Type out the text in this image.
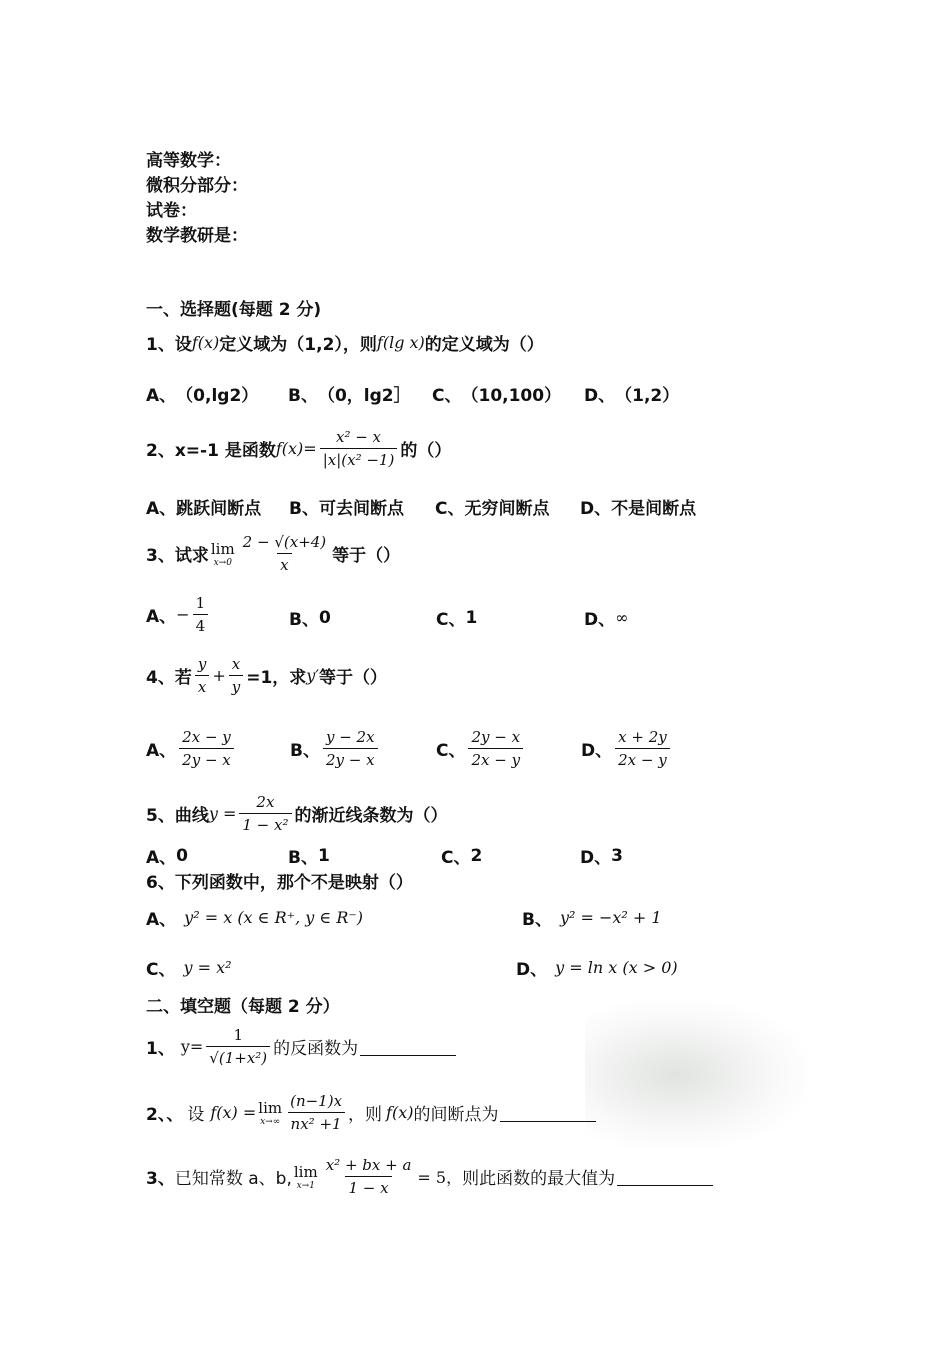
高等数学：
微积分部分：
试卷：
数学教研是：
一、选择题(每题 2 分)
1、 设 f(x) 定义域为（1,2），则 f(lg x) 的定义域为（）
A、 （0,lg2） B、 （0，lg2］ C、 （10,100） D、 （1,2）
2、 x=-1 是函数 $f(x)= \frac{\text{x² − x}}{\text{|x|(x² −1)}}$ 的（）
A、 跳跃间断点 B、 可去间断点 C、 无穷间断点 D、 不是间断点
3、 试求 lim
$x\to 0 \frac{2 - √(x+4)}{x}$ 等于（）
A、 − $\frac{1}{4}$	B、 0	C、 1	D、 ∞
4、 若 $\frac{y}{x} + \frac{x}{y} =1$，求 y′ 等于（）
A、 $\frac{2x - y}{2y - x}$	B、 $\frac{y - 2x}{2y - x}$	C、 $\frac{2y - x}{2x - y}$	D、 $\frac{x + 2y}{2x - y}$
5、 曲线 $y = \frac{2x}{\text{1 − x²}}$ 的渐近线条数为（）
A、 0	B、 1	C、 2	D、 3
6、 下列函数中，那个不是映射（）
A、 y² = x (x ∈ R⁺, y ∈ R⁻)	B、 y² = −x² + 1
C、 y = x²	D、 y = ln x (x > 0)
二、填空题（每题 2 分）
1、 $y= \frac{1}{\text{√(1+x²)}}$ 的反函数为
2、、 设 f(x) = lim
$x\to\infty \frac{(n-1)x}{\text{nx² +1}}$ ，则 f(x) 的间断点为
3、 已知常数 a、b, lim
$x\to 1 \frac{\text{x² + bx + a}}{1 - x} = 5$， 则此函数的最大值为
